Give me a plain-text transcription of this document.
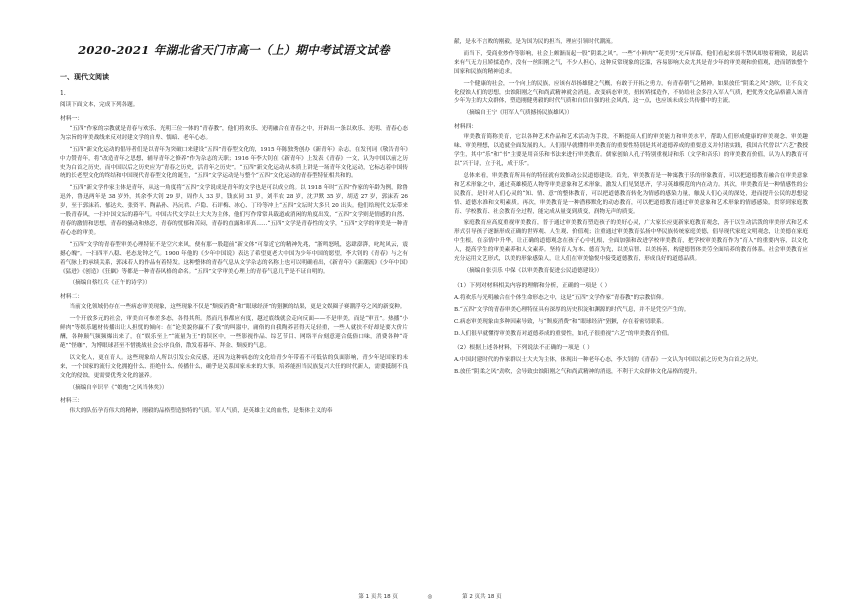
2020-2021 年湖北省天门市高一（上）期中考试语文试卷
一、现代文阅读
1.

阅读下面文本，完成下列各题。

材料一：

“五四”作家的宗教就是青春与欢乐、光明三位一体的“青春教”，他们将欢乐、光明融合在青春之中，开辟出一条以欢乐、光明、青春心态为宗旨的审美战线来反对封建文学的自卑、懦暗、老年心态。

“五四”新文化运动的倡导者们是以青年为突破口来建设“五四”青春型文化的，1915 年陈独秀创办《新青年》杂志，在发刊词《敬告青年》中力赞青年，将“改造青年之思想，辅导青年之修养”作为杂志的天职；1916 年李大钊在《新青年》上发表《青春》一文，认为中国以前之历史为白首之历史，而中国以后之历史应为“青春之历史，活青年之历史”。“五四”新文化运动从本质上讲是一场青年文化运动，它标志着中国传统的长老型文化的终结和中国现代青春型文化的诞生，“五四”文学运动是与整个“五四”文化运动的青春型特征相共和的。

“五四”新文学作家主体是青年，从这一角度将“五四”文学说成是青年的文学也是可以成立的。以 1918 年时“五四”作家的年龄为例，除鲁迅外，鲁迅两年是 38 岁外，其余李大钊 29 岁，周作人 33 岁，钱玄同 31 岁，刘半农 28 岁，沈尹默 35 岁，胡适 27 岁，郭沫若 26 岁，至于郭沫若、郁达夫、张资平、陶晶孙、冯沅君、卢隐、石评梅、冰心、丁玲等冲上“五四”文坛时大多只 20 出头。他们给现代文坛带来一股青春风，一扫中国文坛的暮年气。中国古代文学以士大夫为主体，他们写作常常具载道或消闲的角度出发，“五四”文学则是情感的自然、青春的激情和思想，青春的骚动和热恋，青春的忧郁和苦闷，青春的直露和率真……“五四”文学是青春性的文学，“五四”文学的审美是一种青春心态的审美。

“五四”文学的青春型审美心理特征不是空穴来风，便有那一股超前“新文体”可靠近它的精神先兆，“浙鸣怒吼，恣肆澎湃，叱咤风云，震撼心魄”。一扫四平八稳、老态龙钟之气。1900 年他的《少年中国说》表达了希望更老大中国为少年中国的愿望，李大钊的《青春》与之有着气脉上的承续关系，郭沫若人的作品有着特发。这种整体的青春气息从文学杂志的名称上也可以明确看出，《新青年》《新潮流》《少年中国》《猛进》《创造》《狂飙》等都是一种青春风格的命名。“五四”文学审美心理上的青春气息几乎是不证自明的。

（摘编自蔡红兵《正午的诗学》）
材料二：

当前文化领域仍存在一些病态审美现象，这些现象不仅是“颓废消费”和“眼球经济”的猖獗的结果，更是文娱圈子赛潮浮夸之风的新变种。

一个开放多元的社会，审美自可参差多态，各得其所。然而凡事都应有度，越过底线就会走向反面——不是审美，而是“审丑”。热播“小鲜肉”等娱乐题材传播出让人担忧的倾向：在“论美貌你赢不了我”的叫嚣中，庸俗的自我陶养甚得天足轻重，一些人就扶不好却是要大价片酬，各种颠气频频爆出来了，在“娱乐至上”“流量为王”的误区中，一些影视作品、综艺节目、网络平台刻意迎合低俗口味，消费各种“奇葩”“怪咖”，为博眼球甚至不惜挑战社会公序良俗，散发着暮年、拜金、颓废的气息。

以文化人，更在育人。这些现象给人所以引发公众反感，还因为这种病态的文化给青少年带着不可低估的负面影响，青少年是国家的未来，一个国家的流行文化拥抱什么、拒绝什么、传播什么，确乎是关系国家未来的大事。培养能担当民族复兴大任的时代新人，需要抵制不良文化的侵蚀，更需要优秀文化的滋养。

（摘编自辛识平《“娘炮”之风当休矣》）
材料三：

伟大的队伍孕育伟大的精神，刚毅的品格塑造独特的气质。军人气质，是英雄主义的血性，是集体主义的奉

献，是永不言败的刚毅，是为国为民的担当，理应引领时代潮流。

而当下，受商业炒作等影响，社会上颇渐而起一股“阴柔之风”。一些“小鲜肉”“花美男”充斥屏幕，他们看起来弱不禁风却按着精致，说起话来有气无力且矫揉造作，没有一丝阳刚之气，不少人担心，这种反常现象的泛滥，容易影响大众尤其是青少年的审美观和价值观，进而销蚀整个国家和民族的精神追求。

一个健康的社会，一个向上的民族，应该有昂扬雄健之气概，有敢于开拓之勇力，有青春朝气之精神。如果放任“阴柔之风”劲吹，让不良文化侵蚀人们的思想，虫蚀阳刚之气和尚武精神就会消退。改变病态审美，扭转矫揉造作，不妨给社会多注入军人气质，把优秀文化品格灌入该青少年为主的大众群体，塑造刚健勇毅的时代气质和自信自强的社会风尚，这一点，也应该未成公共传播中的主流。

（摘编自王宁《用军人气质撼扬民族雄风》）
材料四：

审美教育简称美育，它以各种艺术作品和艺术活动为手段，不断提高人们的审美能力和审美水平，帮助人们形成健康的审美观念、审美趣味、审美理想，以造就全面发展的人。人们很早就懂得审美教育的重要性特别是其对道德养成的重要意义并付诸实践，我国古代曾以“六艺”教授学生，其中“乐”和“书”主要是用音乐和书法来进行审美教育。儒家创始人孔子特别重视诗和乐（文学和音乐）的审美教育价值，认为人的教育可以“兴于诗，立于礼，成于乐”。

总体来看，审美教育所具有的特征就有效推动公民道德建设。首先，审美教育是一种寓教于乐的形象教育，可以把道德教育融合在审美意象和艺术形象之中，通过英雄模范人物等审美意象和艺术形象，激发人们见贤思齐，学习英雄模范的内在动力。其次，审美教育是一种情感性的公民教育，是针对人们心灵的“知、情、意”的整体教育，可以把道德教育转化为情感的感染力量，触及人们心灵的深处，进而提升公民的思想觉悟、道德水准和文明素质。再次，审美教育是一种潜移默化的动态教育，可以把道德教育通过审美意象和艺术形象的情感感染，贯穿到家庭教育、学校教育、社会教育全过程，能完成从量变到质变，润物无声的质变。

家庭教育应高度重视审美教育，普于通过审美教育塑造孩子的美好心灵，广大家长应更新家庭教育观念，善于以生动活泼的审美形式和艺术形式引导孩子逐渐形成正确的世界观、人生观、价值观；注重通过审美教育弘扬中华民族传统家庭美德，倡导现代家庭文明观念，让美德在家庭中生根，在亲情中升华，让正确的道德观念在孩子心中扎根，全面加强和改进学校审美教育，把学校审美教育作为“育人”的重要内容，以文化人，提高学生的审美素养和人文素养。坚持育人为本、德育为先，以美启智、以美扬善，构建德智体美劳全面培养的教育体系。社会审美教育应充分运用文艺形式，以美的形象感染人，让人们在审美愉悦中接受道德教育，形成良好的道德品质。

（摘编自张引乐 中保《以审美教育促进公民道德建设》）
（1）下列对材料相关内容的理解和分析，正确的一项是（ ）

A.将欢乐与光明融合在个体生命形态之中，这是“五四”文学作家“青春教”的宗教信仰。

B.“五四”文学的青春审美心理特征具有深厚的历史积淀和渊源的时代气息，并不是凭空产生的。

C.病态审美现象由多种因素导致，与“颓废消费”和“眼球经济”猖獗，存在着密切联系。

D.人们很早就懂得审美教育对道德养成的重要性，如孔子很重视“六艺”的审美教育价值。

（2）根据上述各材料，下列说法不正确的一项是（ ）

A.中国封建时代的作家群以士大夫为主体，体现出一种老年心态，李大钊的《青春》一文认为中国以前之历史为白首之历史。

B.放任“阴柔之风”劲吹，会导致虫蚀阳刚之气和尚武精神的消退，不利于大众群体文化品格的提升。

第 1 页共 18 页	◎	第 2 页共 18 页
